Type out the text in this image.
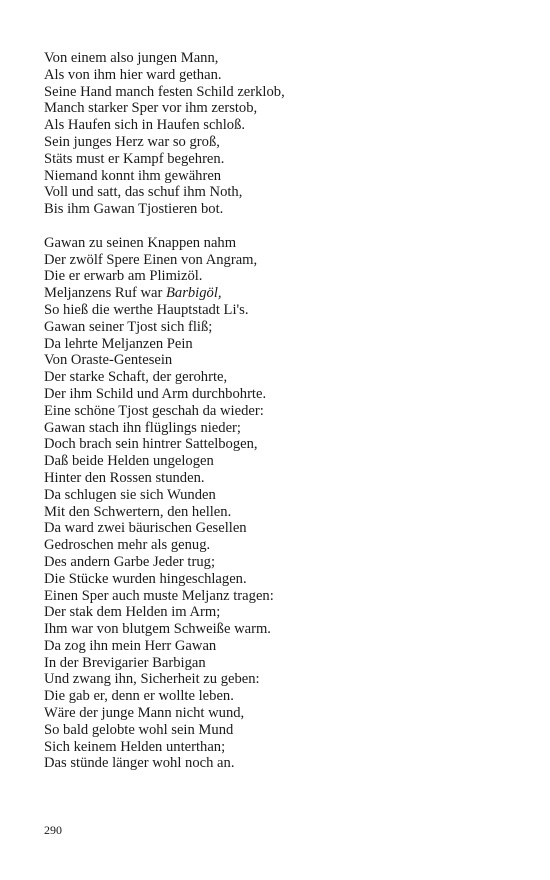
Von einem also jungen Mann,
Als von ihm hier ward gethan.
Seine Hand manch festen Schild zerklob,
Manch starker Sper vor ihm zerstob,
Als Haufen sich in Haufen schloß.
Sein junges Herz war so groß,
Stäts must er Kampf begehren.
Niemand konnt ihm gewähren
Voll und satt, das schuf ihm Noth,
Bis ihm Gawan Tjostieren bot.
Gawan zu seinen Knappen nahm
Der zwölf Spere Einen von Angram,
Die er erwarb am Plimizöl.
Meljanzens Ruf war Barbigöl,
So hieß die werthe Hauptstadt Li's.
Gawan seiner Tjost sich fliß;
Da lehrte Meljanzen Pein
Von Oraste-Gentesein
Der starke Schaft, der gerohrte,
Der ihm Schild und Arm durchbohrte.
Eine schöne Tjost geschah da wieder:
Gawan stach ihn flüglings nieder;
Doch brach sein hintrer Sattelbogen,
Daß beide Helden ungelogen
Hinter den Rossen stunden.
Da schlugen sie sich Wunden
Mit den Schwertern, den hellen.
Da ward zwei bäurischen Gesellen
Gedroschen mehr als genug.
Des andern Garbe Jeder trug;
Die Stücke wurden hingeschlagen.
Einen Sper auch muste Meljanz tragen:
Der stak dem Helden im Arm;
Ihm war von blutgem Schweiße warm.
Da zog ihn mein Herr Gawan
In der Brevigarier Barbigan
Und zwang ihn, Sicherheit zu geben:
Die gab er, denn er wollte leben.
Wäre der junge Mann nicht wund,
So bald gelobte wohl sein Mund
Sich keinem Helden unterthan;
Das stünde länger wohl noch an.
290
